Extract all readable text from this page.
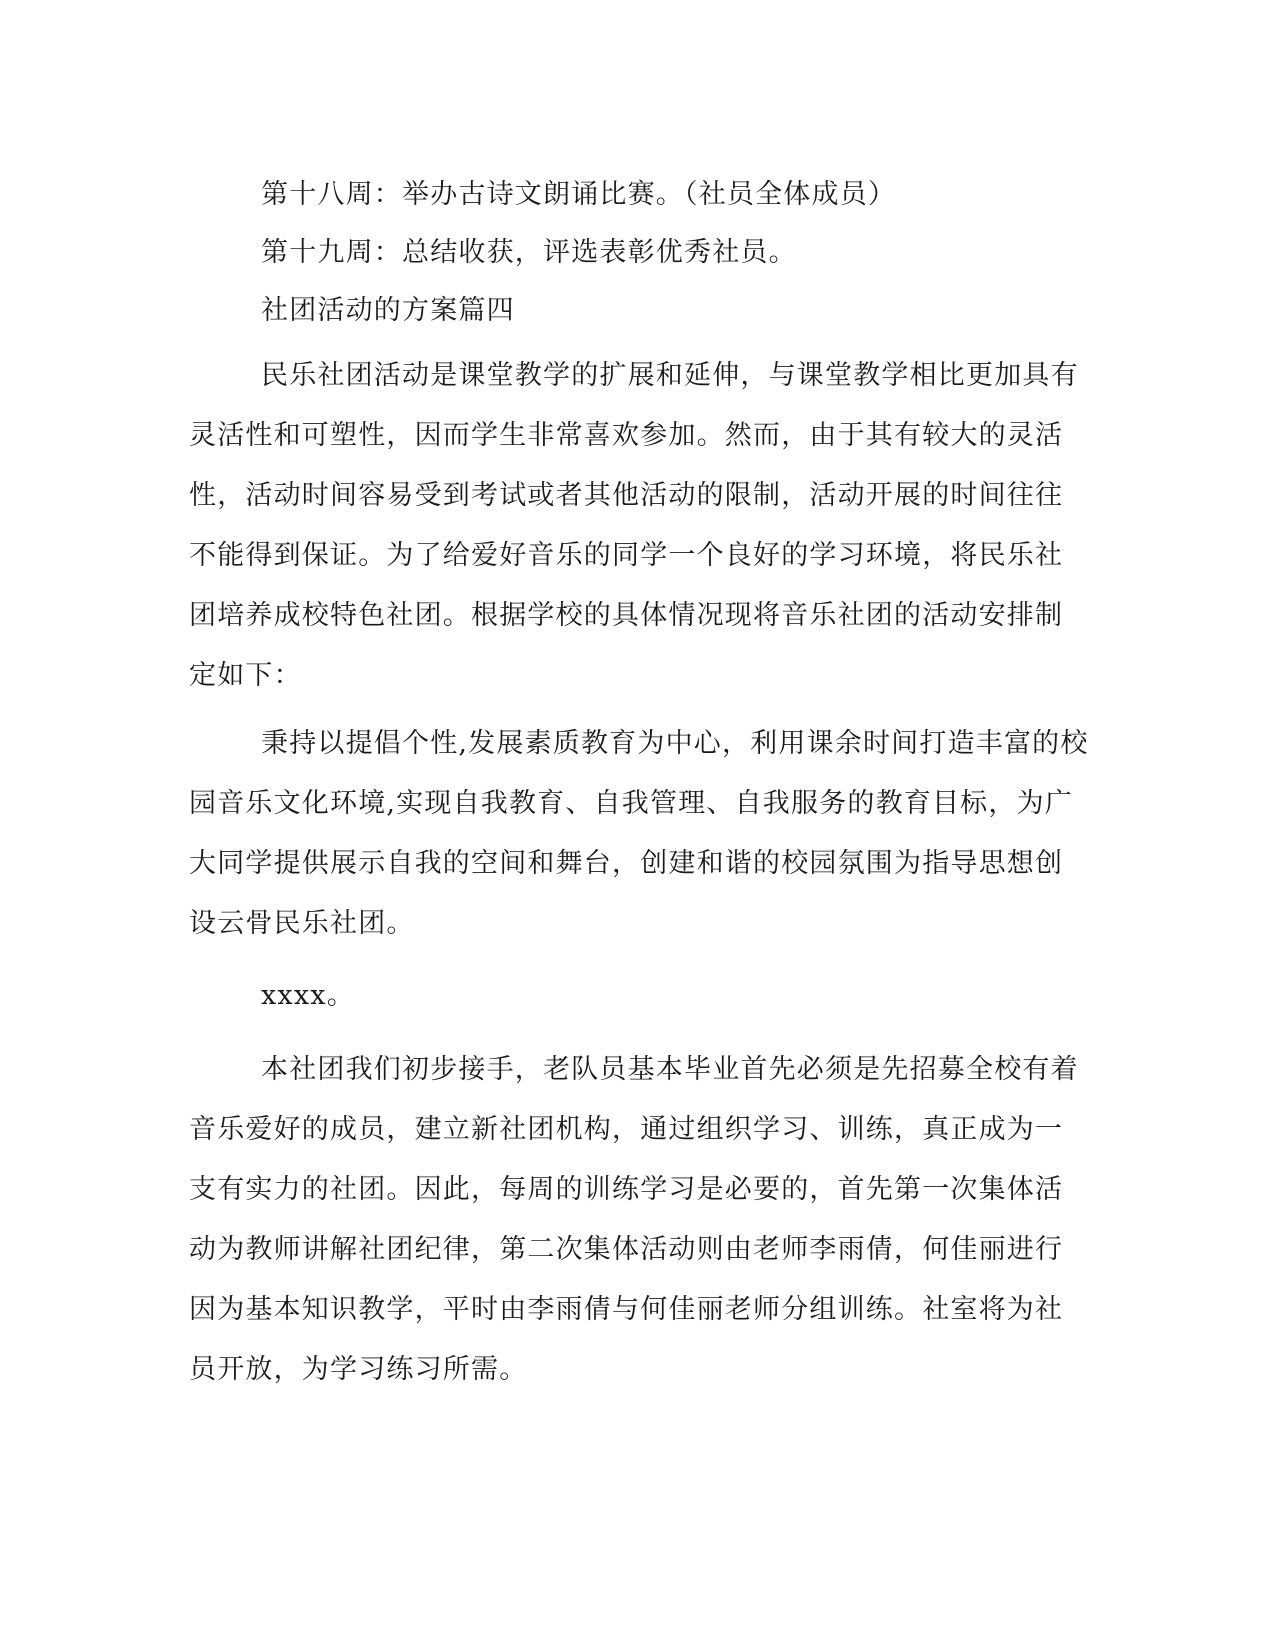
第十八周：举办古诗文朗诵比赛。（社员全体成员）

第十九周：总结收获，评选表彰优秀社员。

社团活动的方案篇四

民乐社团活动是课堂教学的扩展和延伸，与课堂教学相比更加具有灵活性和可塑性，因而学生非常喜欢参加。然而，由于其有较大的灵活性，活动时间容易受到考试或者其他活动的限制，活动开展的时间往往不能得到保证。为了给爱好音乐的同学一个良好的学习环境，将民乐社团培养成校特色社团。根据学校的具体情况现将音乐社团的活动安排制定如下：

秉持以提倡个性,发展素质教育为中心，利用课余时间打造丰富的校园音乐文化环境,实现自我教育、自我管理、自我服务的教育目标，为广大同学提供展示自我的空间和舞台，创建和谐的校园氛围为指导思想创设云骨民乐社团。

xxxx。

本社团我们初步接手，老队员基本毕业首先必须是先招募全校有着音乐爱好的成员，建立新社团机构，通过组织学习、训练，真正成为一支有实力的社团。因此，每周的训练学习是必要的，首先第一次集体活动为教师讲解社团纪律，第二次集体活动则由老师李雨倩，何佳丽进行因为基本知识教学，平时由李雨倩与何佳丽老师分组训练。社室将为社员开放，为学习练习所需。
